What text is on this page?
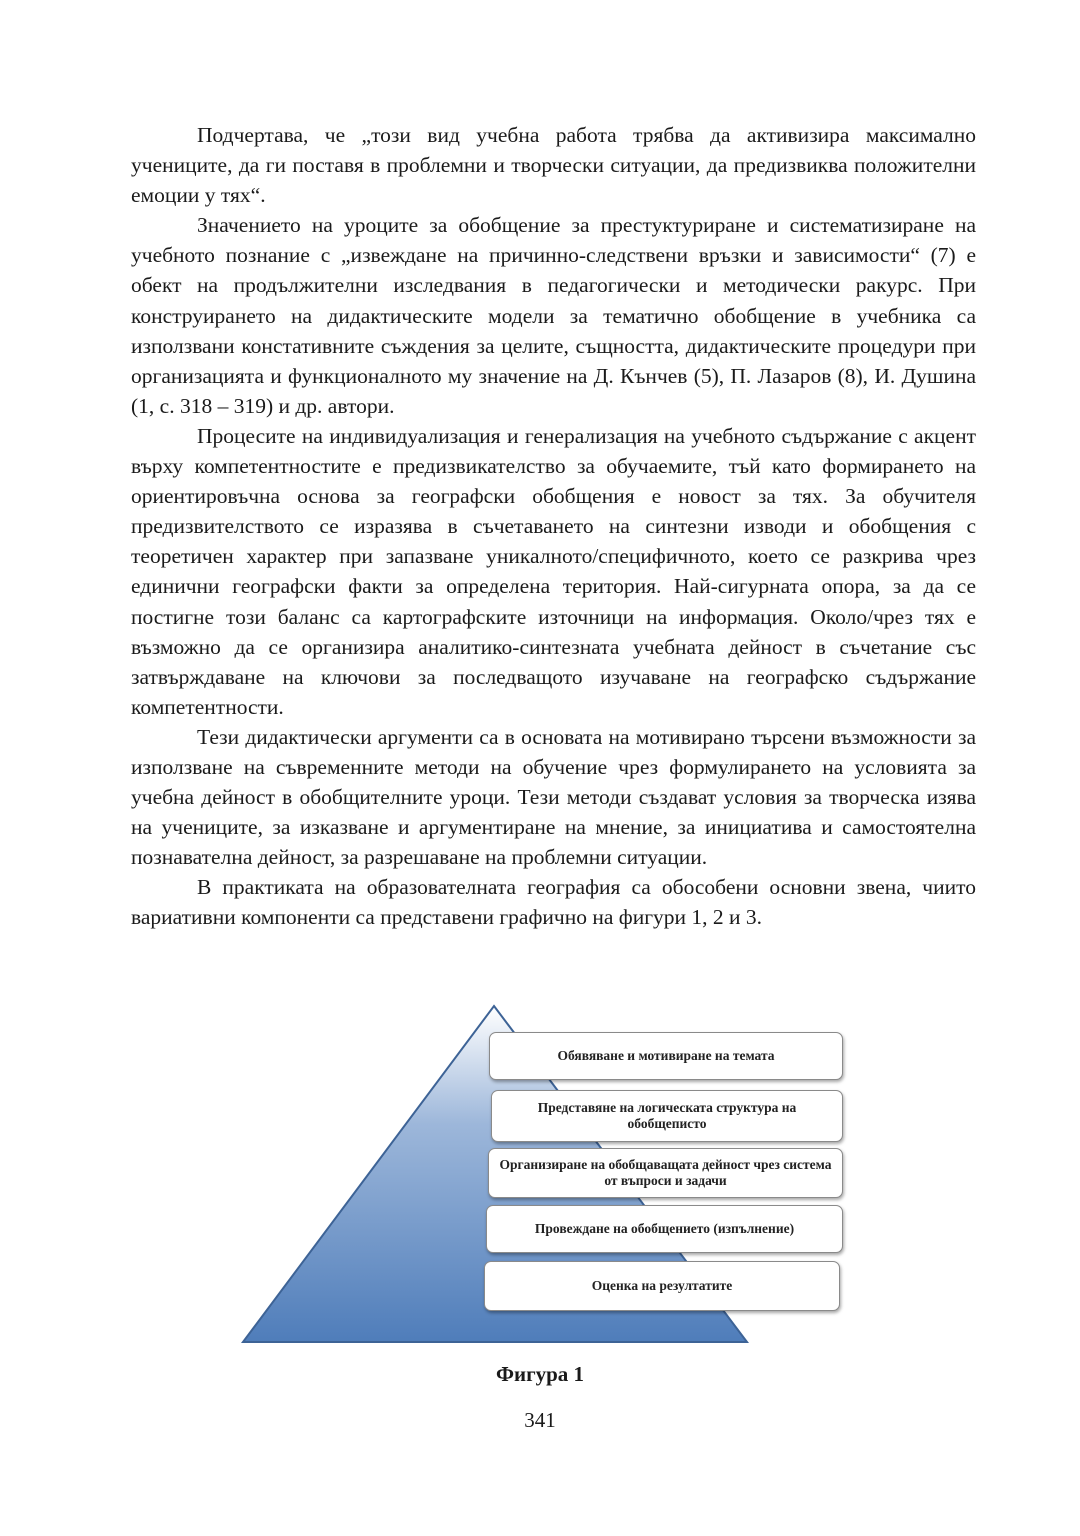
Подчертава, че „този вид учебна работа трябва да активизира максимално учениците, да ги поставя в проблемни и творчески ситуации, да предизвиква положителни емоции у тях“.

Значението на уроците за обобщение за престуктуриране и систематизиране на учебното познание с „извеждане на причинно-следствени връзки и зависимости“ (7) е обект на продължителни изследвания в педагогически и методически ракурс. При конструирането на дидактическите модели за тематично обобщение в учебника са използвани констативните съждения за целите, същността, дидактическите процедури при организацията и функционалното му значение на Д. Кънчев (5), П. Лазаров (8), И. Душина (1, с. 318 – 319) и др. автори.

Процесите на индивидуализация и генерализация на учебното съдържание с акцент върху компетентностите е предизвикателство за обучаемите, тъй като формирането на ориентировъчна основа за географски обобщения е новост за тях. За обучителя предизвителството се изразява в съчетаването на синтезни изводи и обобщения с теоретичен характер при запазване уникалното/специфичното, което се разкрива чрез единични географски факти за определена територия. Най-сигурната опора, за да се постигне този баланс са картографските източници на информация. Около/чрез тях е възможно да се организира аналитико-синтезната учебната дейност в съчетание със затвърждаване на ключови за последващото изучаване на географско съдържание компетентности.

Тези дидактически аргументи са в основата на мотивирано търсени възможности за използване на съвременните методи на обучение чрез формулирането на условията за учебна дейност в обобщителните уроци. Тези методи създават условия за творческа изява на учениците, за изказване и аргументиране на мнение, за инициатива и самостоятелна познавателна дейност, за разрешаване на проблемни ситуации.

В практиката на образователната география са обособени основни звена, чиито вариативни компоненти са представени графично на фигури 1, 2 и 3.

Обявяване и мотивиране на темата
Представяне на логическата структура на обобщеписто
Организиране на обобщаващата дейност чрез система от въпроси и задачи
Провеждане на обобщението (изпълнение)
Оценка на резултатите
Фигура 1
341
